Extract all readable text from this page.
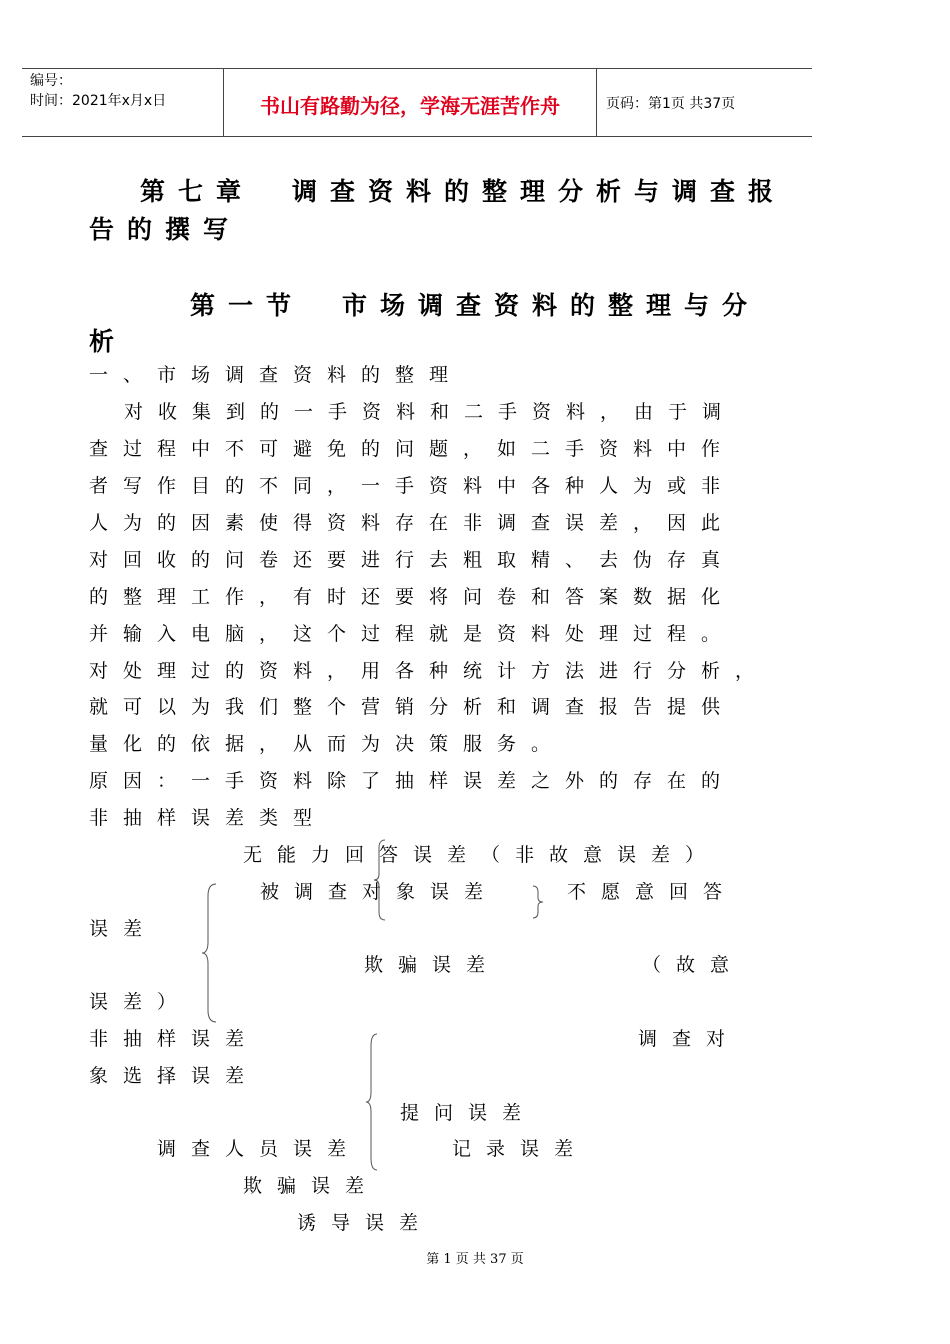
编号：
时间：2021年x月x日	书山有路勤为径，学海无涯苦作舟	页码：第1页 共37页
第七章　调查资料的整理分析与调查报
告的撰写
第一节　市场调查资料的整理与分
析
一、市场调查资料的整理
对收集到的一手资料和二手资料，由于调
查过程中不可避免的问题，如二手资料中作
者写作目的不同，一手资料中各种人为或非
人为的因素使得资料存在非调查误差，因此
对回收的问卷还要进行去粗取精、去伪存真
的整理工作，有时还要将问卷和答案数据化
并输入电脑，这个过程就是资料处理过程。
对处理过的资料，用各种统计方法进行分析，
就可以为我们整个营销分析和调查报告提供
量化的依据，从而为决策服务。
原因：一手资料除了抽样误差之外的存在的
非抽样误差类型
无能力回答误差（非故意误差）
被调查对象误差	不愿意回答
误差
欺骗误差	（故意
误差）
非抽样误差	调查对
象选择误差
提问误差
调查人员误差	记录误差
欺骗误差
诱导误差
第 1 页 共 37 页
